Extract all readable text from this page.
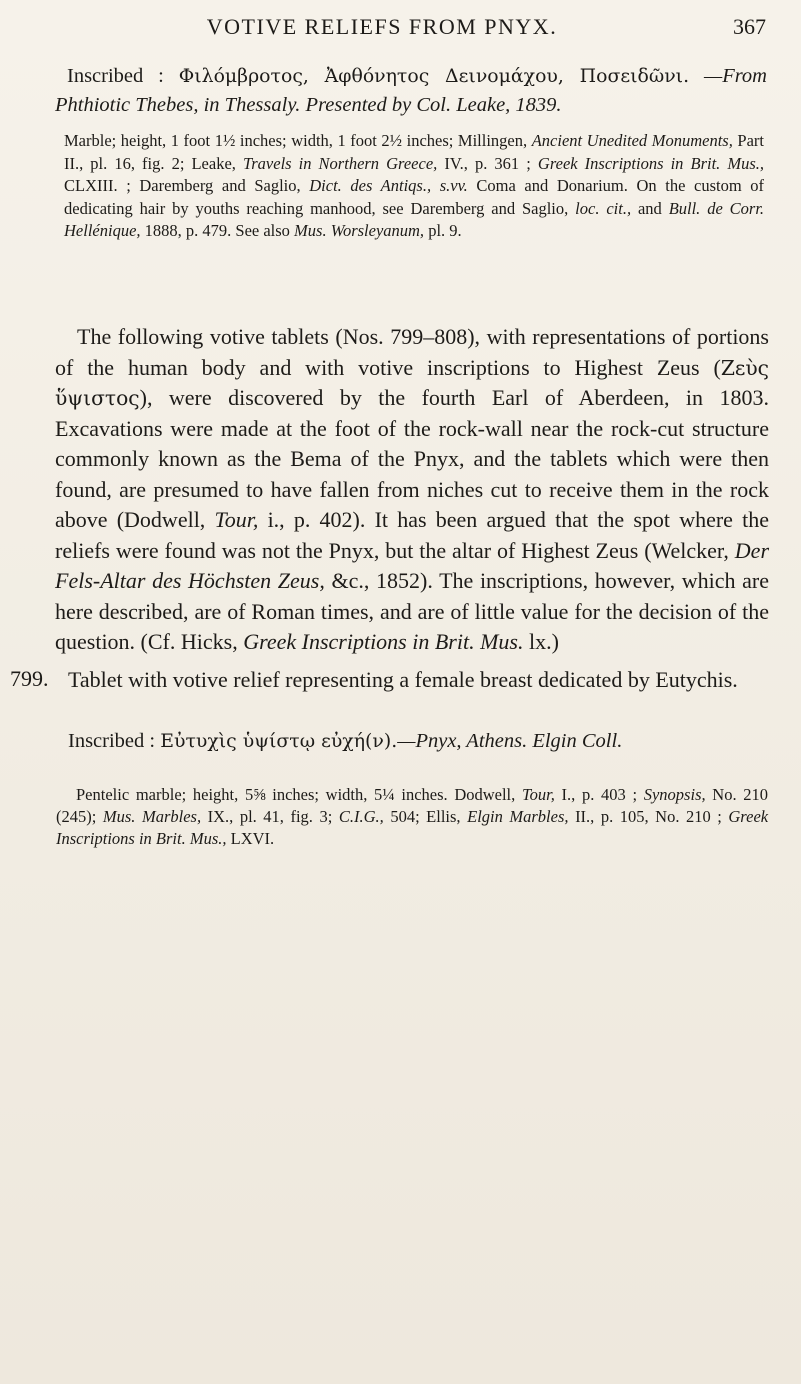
VOTIVE RELIEFS FROM PNYX.	367
Inscribed : Φιλόμβροτος, Ἀφθόνητος Δεινομάχου, Ποσειδῶνι. —From Phthiotic Thebes, in Thessaly. Presented by Col. Leake, 1839.
Marble; height, 1 foot 1½ inches; width, 1 foot 2½ inches; Millingen, Ancient Unedited Monuments, Part II., pl. 16, fig. 2; Leake, Travels in Northern Greece, IV., p. 361 ; Greek Inscriptions in Brit. Mus., CLXIII. ; Daremberg and Saglio, Dict. des Antiqs., s.vv. Coma and Donarium. On the custom of dedicating hair by youths reaching manhood, see Daremberg and Saglio, loc. cit., and Bull. de Corr. Hellénique, 1888, p. 479. See also Mus. Worsleyanum, pl. 9.
The following votive tablets (Nos. 799–808), with representations of portions of the human body and with votive inscriptions to Highest Zeus (Ζεὺς ὕψιστος), were discovered by the fourth Earl of Aberdeen, in 1803. Excavations were made at the foot of the rock-wall near the rock-cut structure commonly known as the Bema of the Pnyx, and the tablets which were then found, are presumed to have fallen from niches cut to receive them in the rock above (Dodwell, Tour, i., p. 402). It has been argued that the spot where the reliefs were found was not the Pnyx, but the altar of Highest Zeus (Welcker, Der Fels-Altar des Höchsten Zeus, &c., 1852). The inscriptions, however, which are here described, are of Roman times, and are of little value for the decision of the question. (Cf. Hicks, Greek Inscriptions in Brit. Mus. lx.)
799. Tablet with votive relief representing a female breast dedicated by Eutychis.
Inscribed : Εὐτυχὶς ὑψίστῳ εὐχή(ν).—Pnyx, Athens. Elgin Coll.
Pentelic marble; height, 5⅝ inches; width, 5¼ inches. Dodwell, Tour, I., p. 403 ; Synopsis, No. 210 (245); Mus. Marbles, IX., pl. 41, fig. 3; C.I.G., 504; Ellis, Elgin Marbles, II., p. 105, No. 210 ; Greek Inscriptions in Brit. Mus., LXVI.
